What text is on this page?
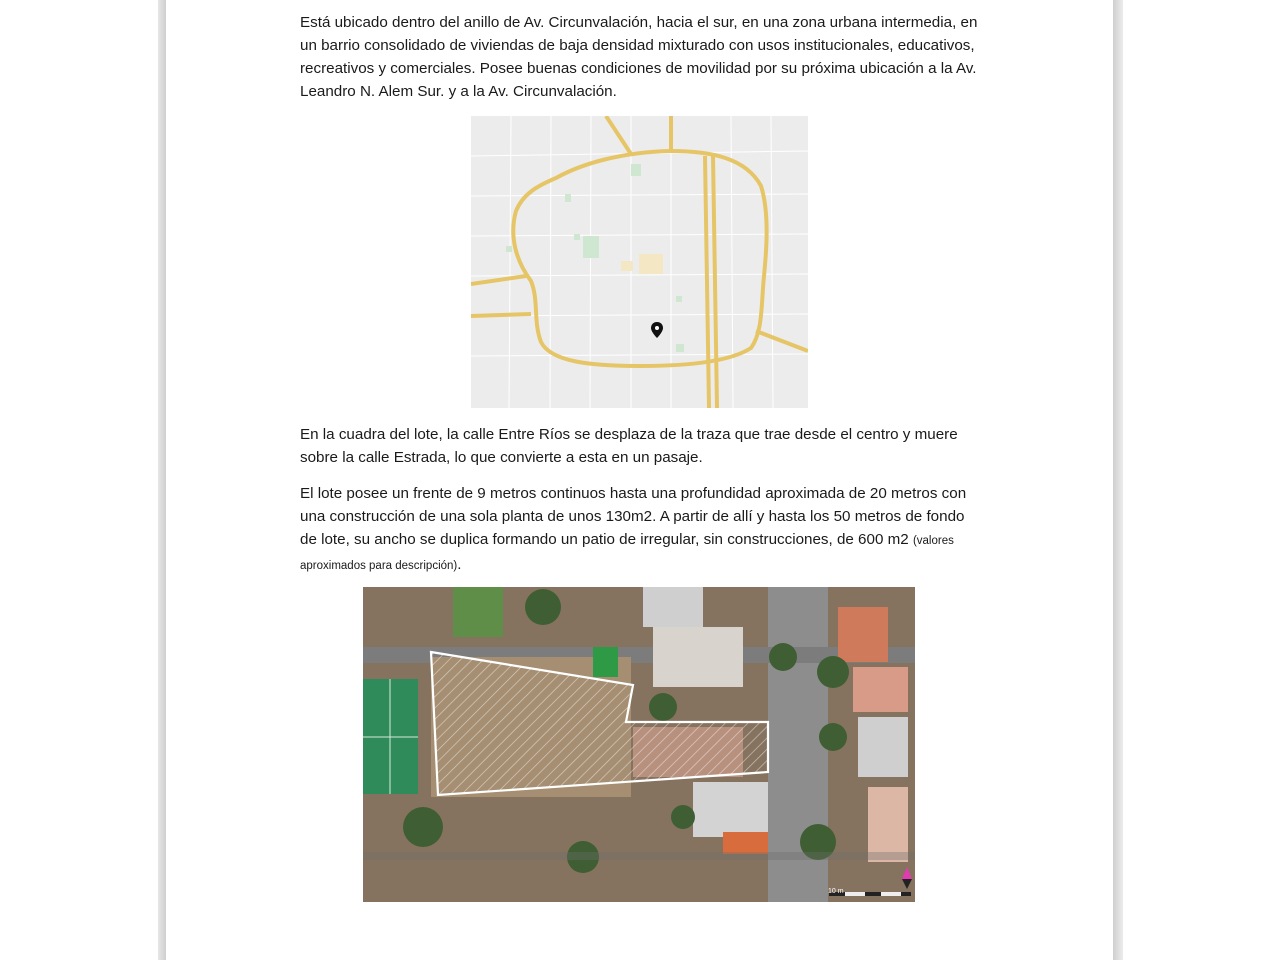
Está ubicado dentro del anillo de Av. Circunvalación, hacia el sur, en una zona urbana intermedia, en un barrio consolidado de viviendas de baja densidad mixturado con usos institucionales, educativos, recreativos y comerciales. Posee buenas condiciones de movilidad por su próxima ubicación a la Av. Leandro N. Alem Sur. y a la Av. Circunvalación.

En la cuadra del lote, la calle Entre Ríos se desplaza de la traza que trae desde el centro y muere sobre la calle Estrada, lo que convierte a esta en un pasaje.

El lote posee un frente de 9 metros continuos hasta una profundidad aproximada de 20 metros con una construcción de una sola planta de unos 130m2. A partir de allí y hasta los 50 metros de fondo de lote, su ancho se duplica formando un patio de irregular, sin construcciones, de 600 m2 (valores aproximados para descripción).

10 m
